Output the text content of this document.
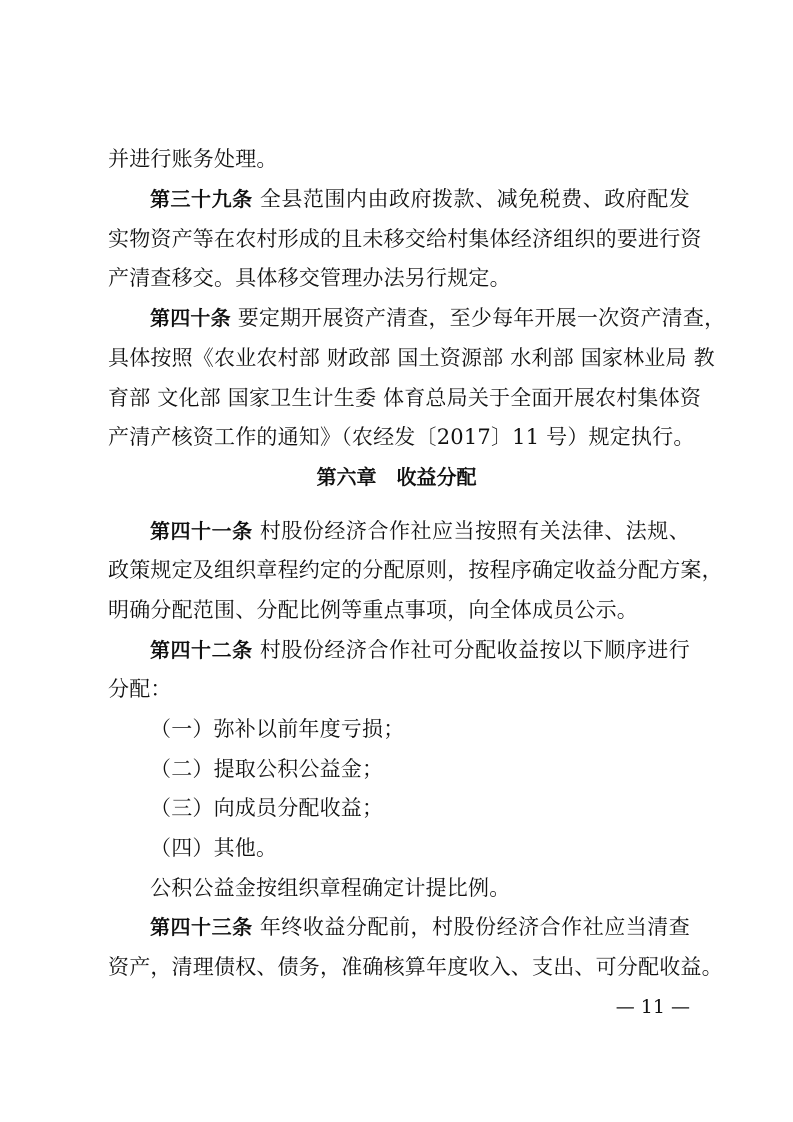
并进行账务处理。
第三十九条 全县范围内由政府拨款、减免税费、政府配发
实物资产等在农村形成的且未移交给村集体经济组织的要进行资
产清查移交。具体移交管理办法另行规定。
第四十条 要定期开展资产清查，至少每年开展一次资产清查，
具体按照《农业农村部 财政部 国土资源部 水利部 国家林业局 教
育部 文化部 国家卫生计生委 体育总局关于全面开展农村集体资
产清产核资工作的通知》（农经发〔2017〕11 号）规定执行。
第六章　收益分配
第四十一条 村股份经济合作社应当按照有关法律、法规、
政策规定及组织章程约定的分配原则，按程序确定收益分配方案，
明确分配范围、分配比例等重点事项，向全体成员公示。
第四十二条 村股份经济合作社可分配收益按以下顺序进行
分配：
（一）弥补以前年度亏损；
（二）提取公积公益金；
（三）向成员分配收益；
（四）其他。
公积公益金按组织章程确定计提比例。
第四十三条 年终收益分配前，村股份经济合作社应当清查
资产，清理债权、债务，准确核算年度收入、支出、可分配收益。
— 11 —
